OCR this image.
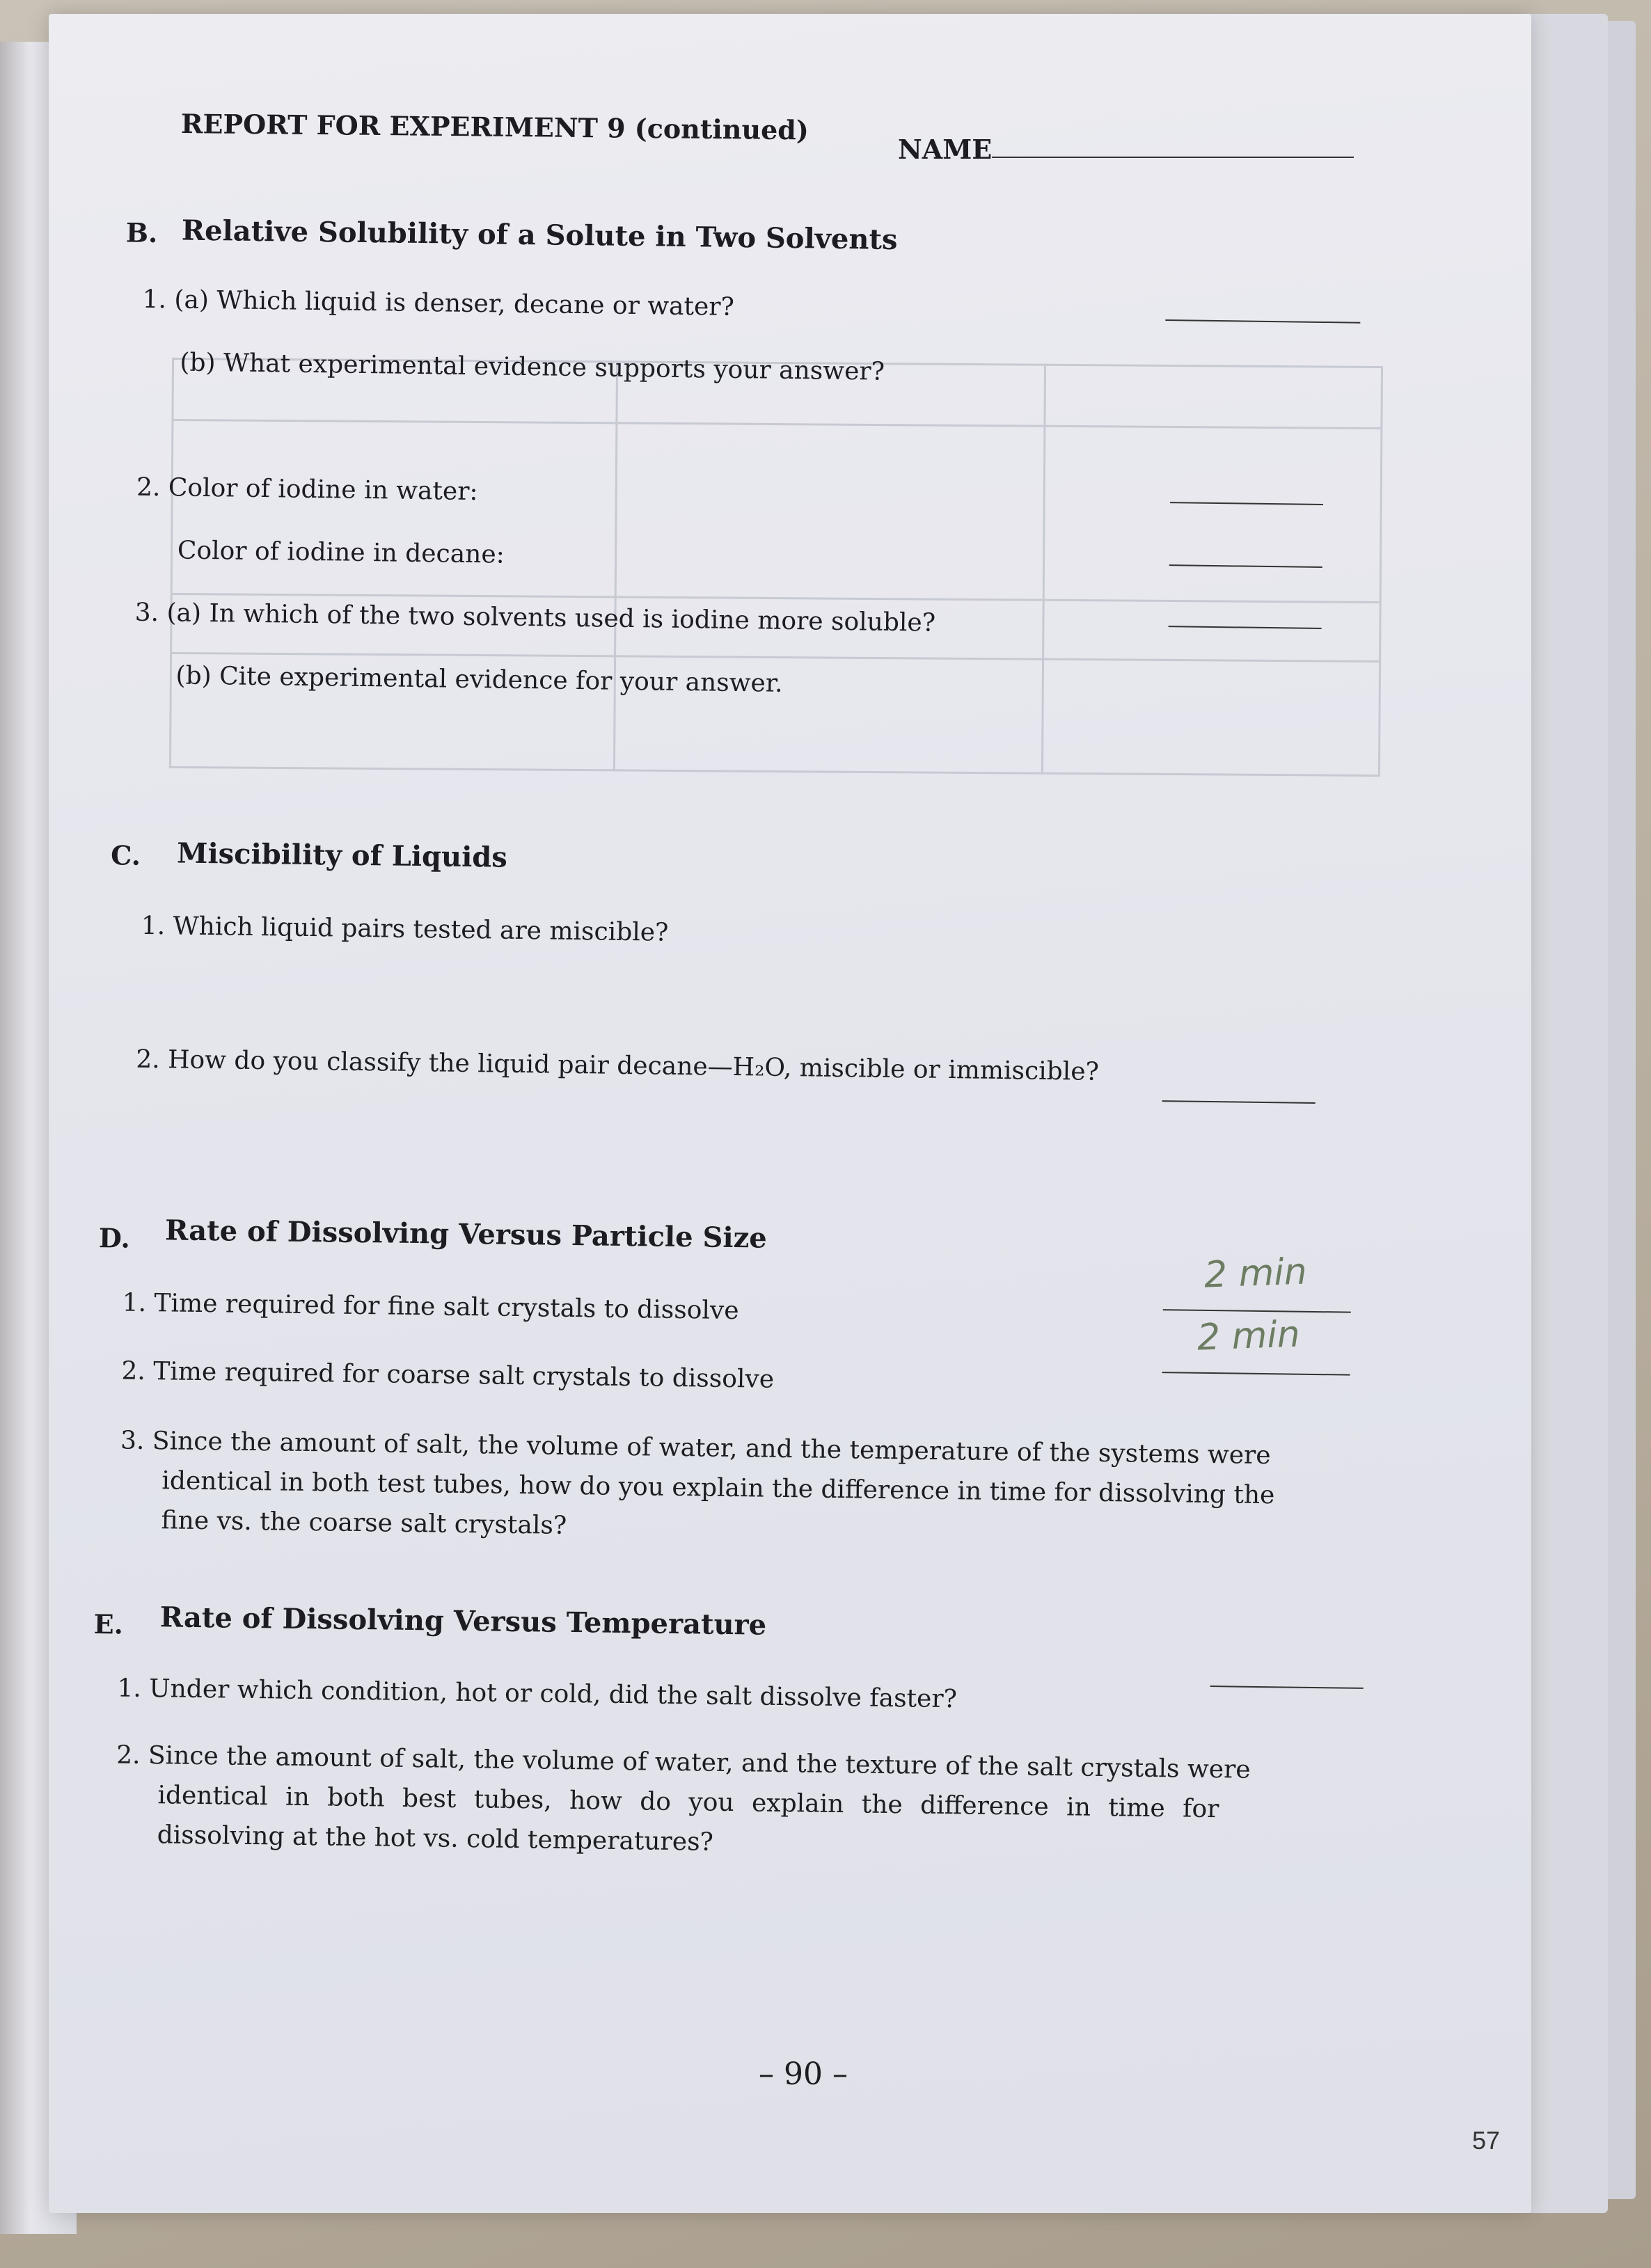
REPORT FOR EXPERIMENT 9 (continued)
NAME
B. Relative Solubility of a Solute in Two Solvents
1. (a) Which liquid is denser, decane or water?
(b) What experimental evidence supports your answer?
2. Color of iodine in water:
Color of iodine in decane:
3. (a) In which of the two solvents used is iodine more soluble?
(b) Cite experimental evidence for your answer.
C. Miscibility of Liquids
1. Which liquid pairs tested are miscible?
2. How do you classify the liquid pair decane—H₂O, miscible or immiscible?
D. Rate of Dissolving Versus Particle Size
1. Time required for fine salt crystals to dissolve
2. Time required for coarse salt crystals to dissolve
3. Since the amount of salt, the volume of water, and the temperature of the systems were
identical in both test tubes, how do you explain the difference in time for dissolving the
fine vs. the coarse salt crystals?
2 min
2 min
E. Rate of Dissolving Versus Temperature
1. Under which condition, hot or cold, did the salt dissolve faster?
2. Since the amount of salt, the volume of water, and the texture of the salt crystals were
identical in both best tubes, how do you explain the difference in time for
dissolving at the hot vs. cold temperatures?
– 90 –
57
